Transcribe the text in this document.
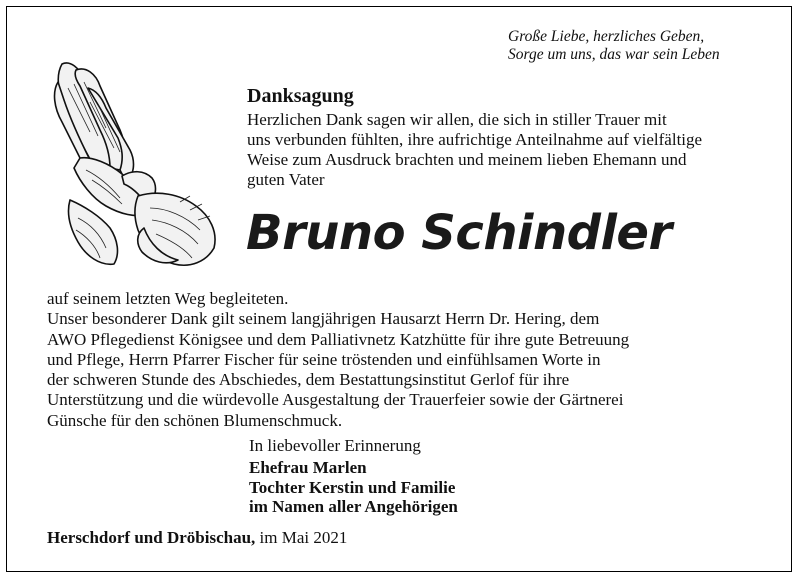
Große Liebe, herzliches Geben,
Sorge um uns, das war sein Leben
Danksagung
Herzlichen Dank sagen wir allen, die sich in stiller Trauer mit
uns verbunden fühlten, ihre aufrichtige Anteilnahme auf vielfältige
Weise zum Ausdruck brachten und meinem lieben Ehemann und
guten Vater
Bruno Schindler
auf seinem letzten Weg begleiteten.
Unser besonderer Dank gilt seinem langjährigen Hausarzt Herrn Dr. Hering, dem
AWO Pflegedienst Königsee und dem Palliativnetz Katzhütte für ihre gute Betreuung
und Pflege, Herrn Pfarrer Fischer für seine tröstenden und einfühlsamen Worte in
der schweren Stunde des Abschiedes, dem Bestattungsinstitut Gerlof für ihre
Unterstützung und die würdevolle Ausgestaltung der Trauerfeier sowie der Gärtnerei
Günsche für den schönen Blumenschmuck.
In liebevoller Erinnerung
Ehefrau Marlen
Tochter Kerstin und Familie
im Namen aller Angehörigen
Herschdorf und Dröbischau, im Mai 2021
